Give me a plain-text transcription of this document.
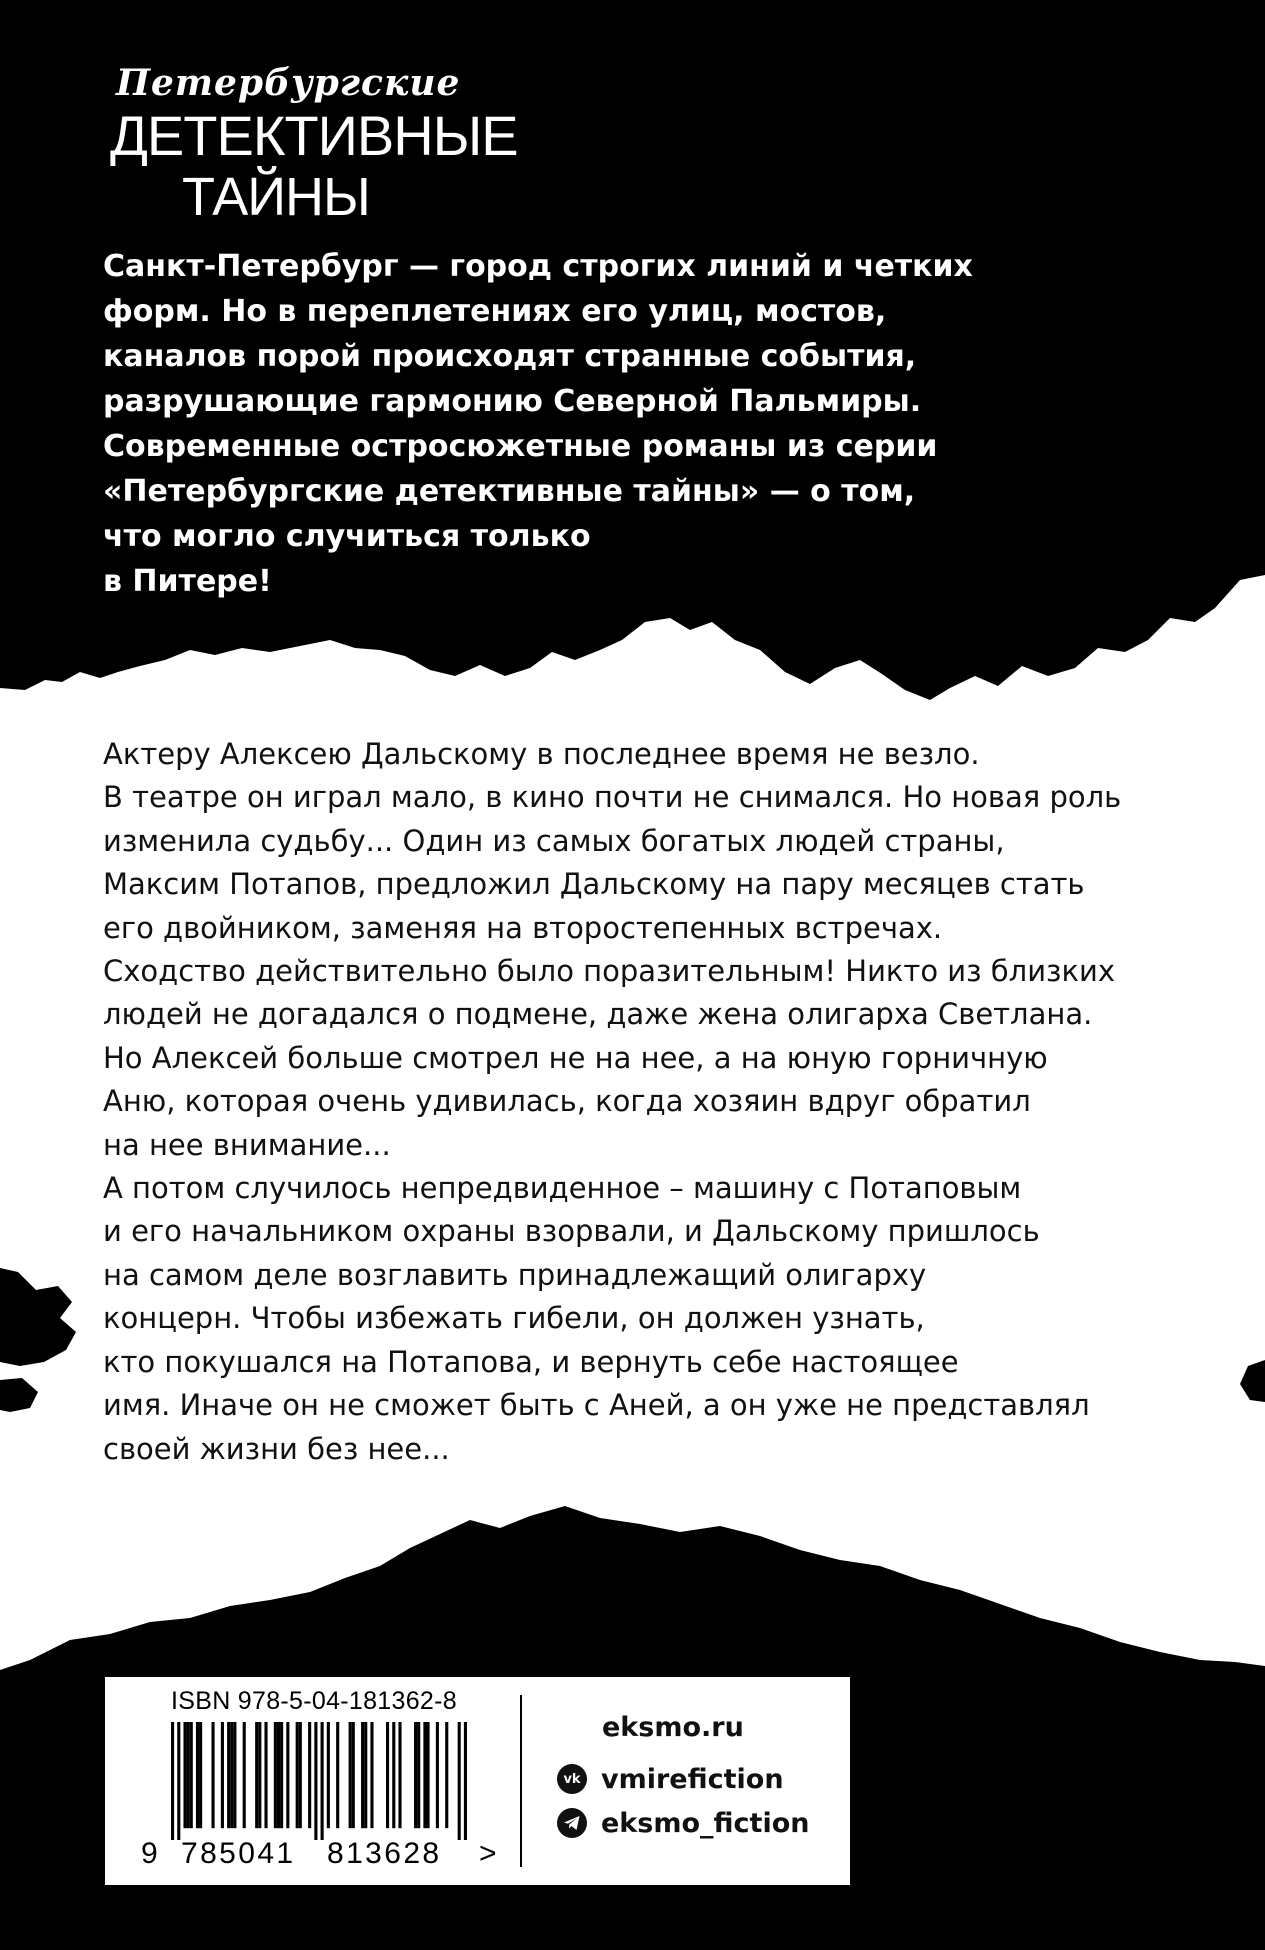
Петербургские
ДЕТЕКТИВНЫЕ
ТАЙНЫ

Санкт-Петербург — город строгих линий и четких
форм. Но в переплетениях его улиц, мостов,
каналов порой происходят странные события,
разрушающие гармонию Северной Пальмиры.
Современные остросюжетные романы из серии
«Петербургские детективные тайны» — о том,
что могло случиться только
в Питере!

Актеру Алексею Дальскому в последнее время не везло.
В театре он играл мало, в кино почти не снимался. Но новая роль
изменила судьбу... Один из самых богатых людей страны,
Максим Потапов, предложил Дальскому на пару месяцев стать
его двойником, заменяя на второстепенных встречах.
Сходство действительно было поразительным! Никто из близких
людей не догадался о подмене, даже жена олигарха Светлана.
Но Алексей больше смотрел не на нее, а на юную горничную
Аню, которая очень удивилась, когда хозяин вдруг обратил
на нее внимание...
А потом случилось непредвиденное – машину с Потаповым
и его начальником охраны взорвали, и Дальскому пришлось
на самом деле возглавить принадлежащий олигарху
концерн. Чтобы избежать гибели, он должен узнать,
кто покушался на Потапова, и вернуть себе настоящее
имя. Иначе он не сможет быть с Аней, а он уже не представлял
своей жизни без нее...

ISBN 978-5-04-181362-8
9 785041 813628 >
eksmo.ru
vk vmirefiction
eksmo_fiction
